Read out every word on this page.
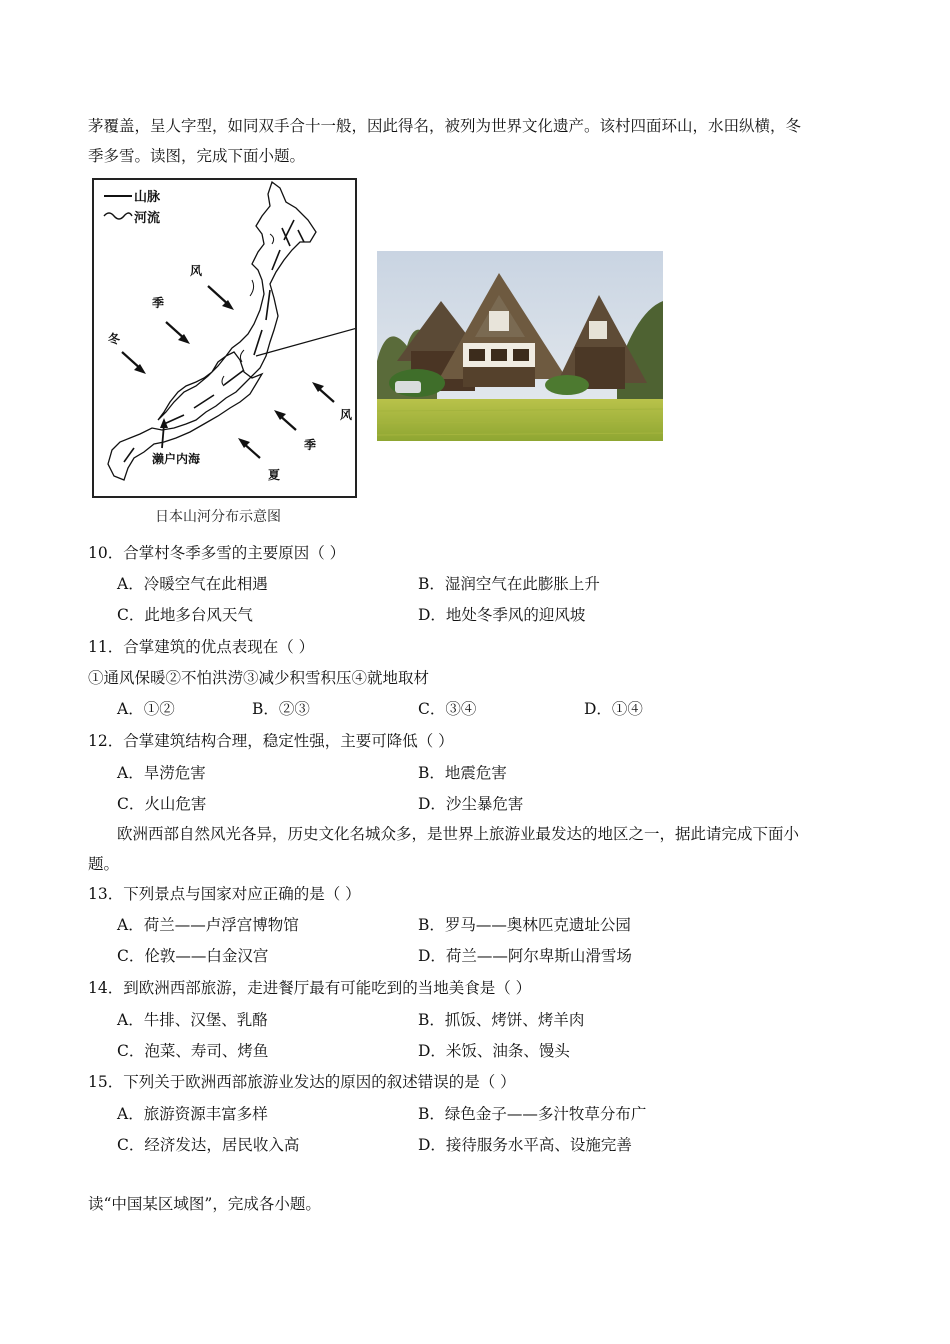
茅覆盖，呈人字型，如同双手合十一般，因此得名，被列为世界文化遗产。该村四面环山，水田纵横，冬
季多雪。读图，完成下面小题。
山脉
河流
风
季
冬
风
季
夏
濑户内海
日本山河分布示意图
10．合掌村冬季多雪的主要原因（ ）
A．冷暖空气在此相遇	B．湿润空气在此膨胀上升
C．此地多台风天气	D．地处冬季风的迎风坡
11．合掌建筑的优点表现在（ ）
①通风保暖②不怕洪涝③减少积雪积压④就地取材
A．①②	B．②③	C．③④	D．①④
12．合掌建筑结构合理，稳定性强，主要可降低（ ）
A．旱涝危害	B．地震危害
C．火山危害	D．沙尘暴危害
欧洲西部自然风光各异，历史文化名城众多，是世界上旅游业最发达的地区之一，据此请完成下面小
题。
13．下列景点与国家对应正确的是（ ）
A．荷兰——卢浮宫博物馆	B．罗马——奥林匹克遗址公园
C．伦敦——白金汉宫	D．荷兰——阿尔卑斯山滑雪场
14．到欧洲西部旅游，走进餐厅最有可能吃到的当地美食是（ ）
A．牛排、汉堡、乳酪	B．抓饭、烤饼、烤羊肉
C．泡菜、寿司、烤鱼	D．米饭、油条、馒头
15．下列关于欧洲西部旅游业发达的原因的叙述错误的是（ ）
A．旅游资源丰富多样	B．绿色金子——多汁牧草分布广
C．经济发达，居民收入高	D．接待服务水平高、设施完善
读“中国某区域图”，完成各小题。
